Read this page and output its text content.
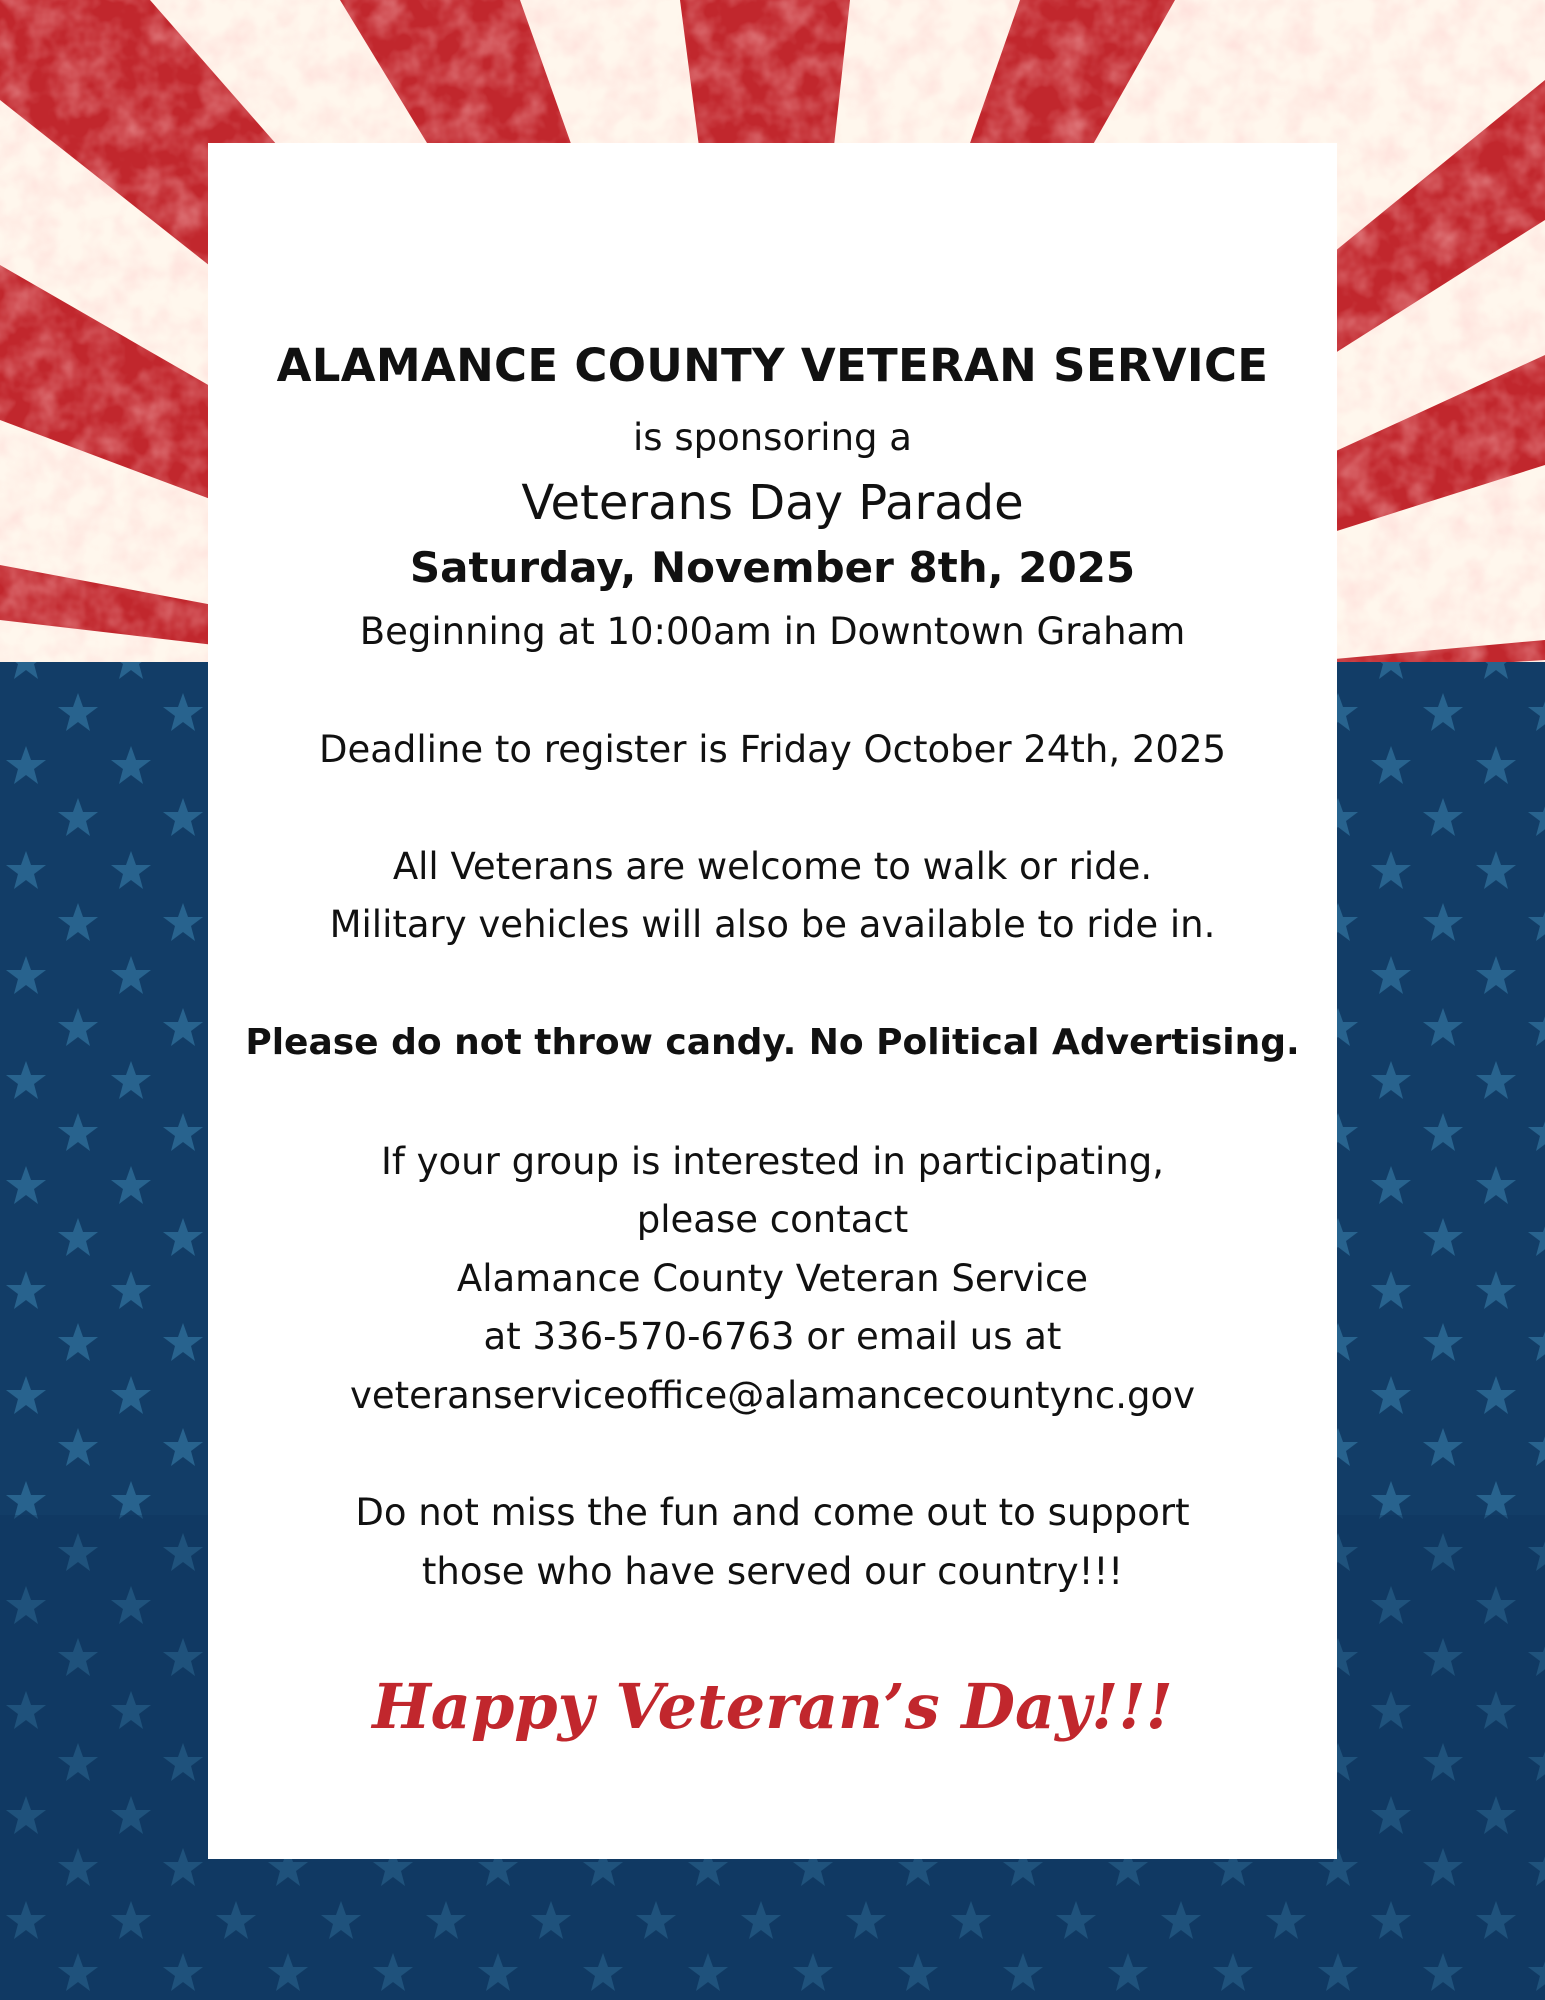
ALAMANCE COUNTY VETERAN SERVICE
is sponsoring a
Veterans Day Parade
Saturday, November 8th, 2025
Beginning at 10:00am in Downtown Graham
Deadline to register is Friday October 24th, 2025
All Veterans are welcome to walk or ride.
Military vehicles will also be available to ride in.
Please do not throw candy. No Political Advertising.
If your group is interested in participating,
please contact
Alamance County Veteran Service
at 336-570-6763 or email us at
veteranserviceoffice@alamancecountync.gov
Do not miss the fun and come out to support
those who have served our country!!!
Happy Veteran’s Day!!!
